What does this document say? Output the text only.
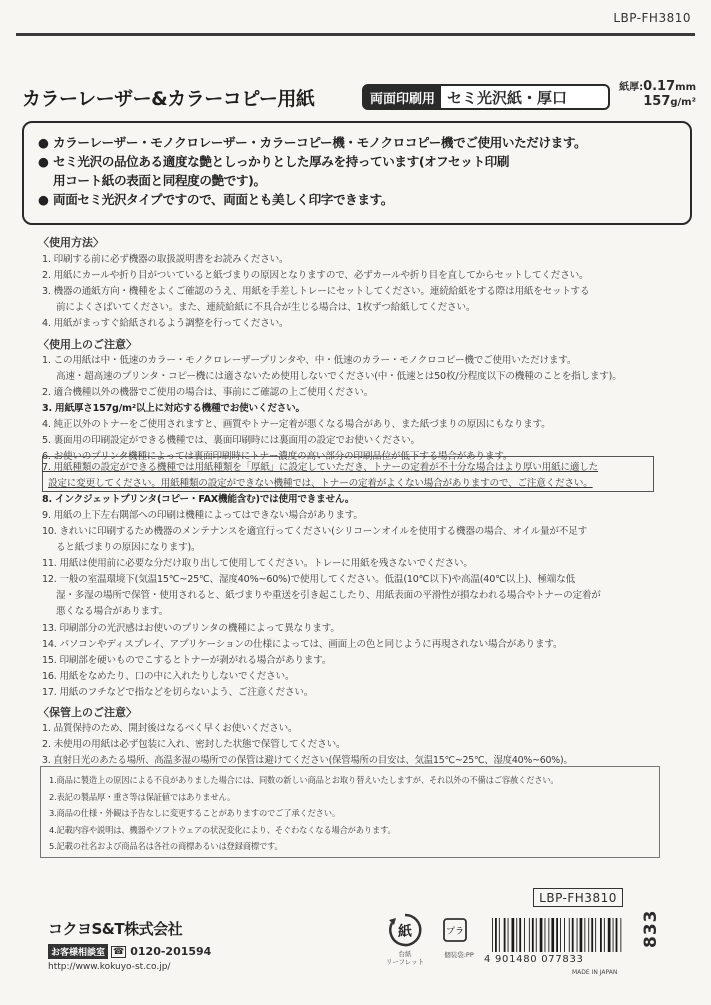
LBP-FH3810
カラーレーザー&カラーコピー用紙	両面印刷用 セミ光沢紙・厚口
紙厚:0.17mm
157g/m²
● カラーレーザー・モノクロレーザー・カラーコピー機・モノクロコピー機でご使用いただけます。
● セミ光沢の品位ある適度な艶としっかりとした厚みを持っています(オフセット印刷
用コート紙の表面と同程度の艶です)。
● 両面セミ光沢タイプですので、両面とも美しく印字できます。
〈使用方法〉
1. 印刷する前に必ず機器の取扱説明書をお読みください。
2. 用紙にカールや折り目がついていると紙づまりの原因となりますので、必ずカールや折り目を直してからセットしてください。
3. 機器の通紙方向・機種をよくご確認のうえ、用紙を手差しトレーにセットしてください。連続給紙をする際は用紙をセットする
前によくさばいてください。また、連続給紙に不具合が生じる場合は、1枚ずつ給紙してください。
4. 用紙がまっすぐ給紙されるよう調整を行ってください。
〈使用上のご注意〉
1. この用紙は中・低速のカラー・モノクロレーザープリンタや、中・低速のカラー・モノクロコピー機でご使用いただけます。
高速・超高速のプリンタ・コピー機には適さないため使用しないでください(中・低速とは50枚/分程度以下の機種のことを指します)。
2. 適合機種以外の機器でご使用の場合は、事前にご確認の上ご使用ください。
3. 用紙厚さ157g/m²以上に対応する機種でお使いください。
4. 純正以外のトナーをご使用されますと、画質やトナー定着が悪くなる場合があり、また紙づまりの原因にもなります。
5. 裏面用の印刷設定ができる機種では、裏面印刷時には裏面用の設定でお使いください。
6. お使いのプリンタ機種によっては裏面印刷時にトナー濃度の高い部分の印刷品位が低下する場合があります。
7. 用紙種類の設定ができる機種では用紙種類を「厚紙」に設定していただき、トナーの定着が不十分な場合はより厚い用紙に適した
設定に変更してください。用紙種類の設定ができない機種では、トナーの定着がよくない場合がありますので、ご注意ください。
8. インクジェットプリンタ(コピー・FAX機能含む)では使用できません。
9. 用紙の上下左右隅部への印刷は機種によってはできない場合があります。
10. きれいに印刷するため機器のメンテナンスを適宜行ってください(シリコーンオイルを使用する機器の場合、オイル量が不足す
ると紙づまりの原因になります)。
11. 用紙は使用前に必要な分だけ取り出して使用してください。トレーに用紙を残さないでください。
12. 一般の室温環境下(気温15℃~25℃、湿度40%~60%)で使用してください。低温(10℃以下)や高温(40℃以上)、極端な低
湿・多湿の場所で保管・使用されると、紙づまりや重送を引き起こしたり、用紙表面の平滑性が損なわれる場合やトナーの定着が
悪くなる場合があります。
13. 印刷部分の光沢感はお使いのプリンタの機種によって異なります。
14. パソコンやディスプレイ、アプリケーションの仕様によっては、画面上の色と同じように再現されない場合があります。
15. 印刷部を硬いものでこするとトナーが剥がれる場合があります。
16. 用紙をなめたり、口の中に入れたりしないでください。
17. 用紙のフチなどで指などを切らないよう、ご注意ください。
〈保管上のご注意〉
1. 品質保持のため、開封後はなるべく早くお使いください。
2. 未使用の用紙は必ず包装に入れ、密封した状態で保管してください。
3. 直射日光のあたる場所、高温多湿の場所での保管は避けてください(保管場所の目安は、気温15℃~25℃、湿度40%~60%)。
1.商品に製造上の原因による不良がありました場合には、同数の新しい商品とお取り替えいたしますが、それ以外の不備はご容赦ください。
2.表記の製品厚・重さ等は保証値ではありません。
3.商品の仕様・外観は予告なしに変更することがありますのでご了承ください。
4.記載内容や説明は、機器やソフトウェアの状況変化により、そぐわなくなる場合があります。
5.記載の社名および商品名は各社の商標あるいは登録商標です。
LBP-FH3810
コクヨS&T株式会社
お客様相談室 ☎ 0120-201594
http://www.kokuyo-st.co.jp/
紙
台紙
リーフレット
プラ
個装袋:PP	4 901480 077833
MADE IN JAPAN
833
